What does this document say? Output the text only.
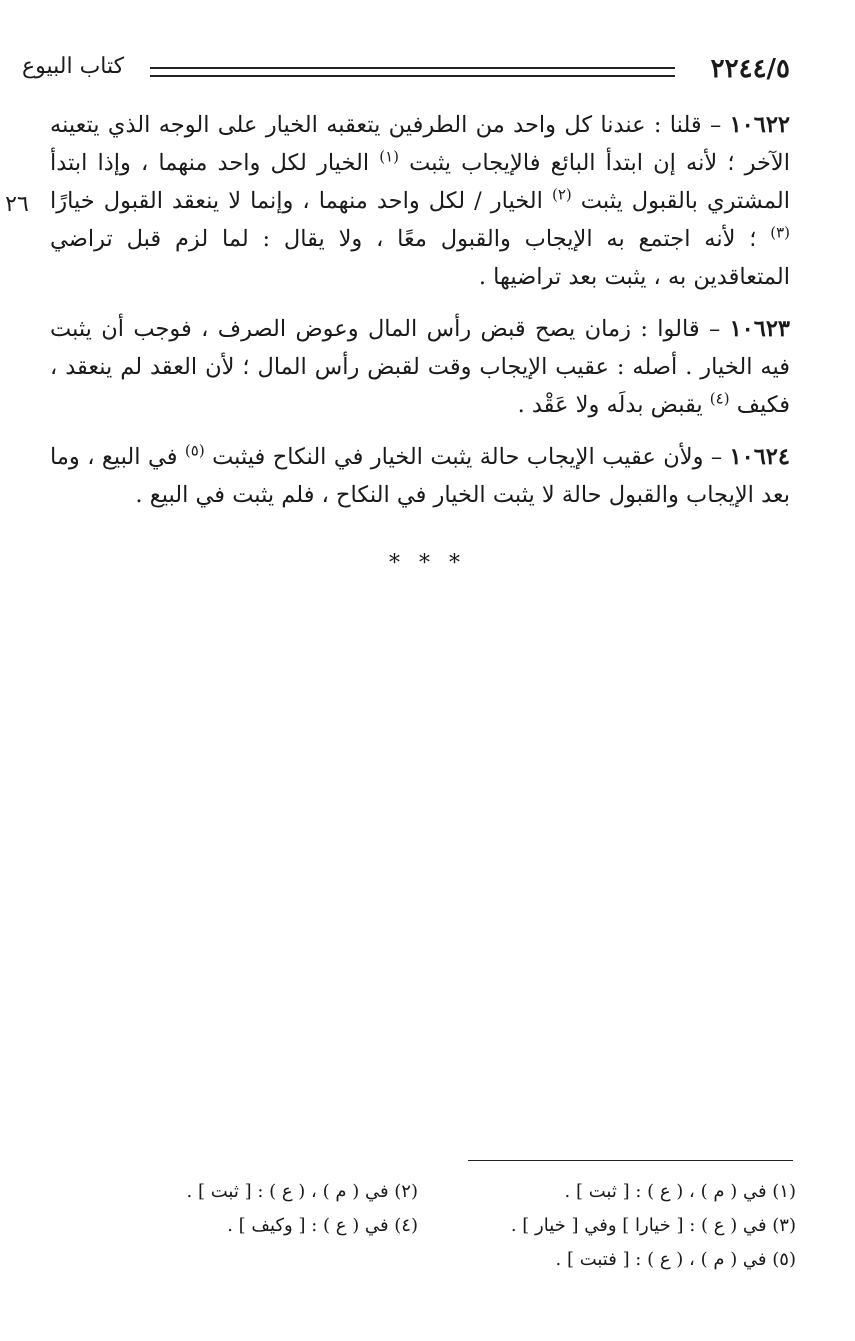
٢٢٤٤/٥
كتاب البيوع
٢٦

١٠٦٢٢ – قلنا : عندنا كل واحد من الطرفين يتعقبه الخيار على الوجه الذي يتعينه الآخر ؛ لأنه إن ابتدأ البائع فالإيجاب يثبت $^{(١)}$ الخيار لكل واحد منهما ، وإذا ابتدأ المشتري بالقبول يثبت $^{(٢)}$ الخيار / لكل واحد منهما ، وإنما لا ينعقد القبول خيارًا $^{(٣)}$ ؛ لأنه اجتمع به الإيجاب والقبول معًا ، ولا يقال : لما لزم قبل تراضي المتعاقدين به ، يثبت بعد تراضيها .

١٠٦٢٣ – قالوا : زمان يصح قبض رأس المال وعوض الصرف ، فوجب أن يثبت فيه الخيار . أصله : عقيب الإيجاب وقت لقبض رأس المال ؛ لأن العقد لم ينعقد ، فكيف $^{(٤)}$ يقبض بدلَه ولا عَقْد .

١٠٦٢٤ – ولأن عقيب الإيجاب حالة يثبت الخيار في النكاح فيثبت $^{(٥)}$ في البيع ، وما بعد الإيجاب والقبول حالة لا يثبت الخيار في النكاح ، فلم يثبت في البيع .

* * *
(١) في ( م ) ، ( ع ) : [ ثبت ] .
(٢) في ( م ) ، ( ع ) : [ ثبت ] .
(٣) في ( ع ) : [ خيارا ] وفي [ خيار ] .
(٤) في ( ع ) : [ وكيف ] .
(٥) في ( م ) ، ( ع ) : [ فتبت ] .
